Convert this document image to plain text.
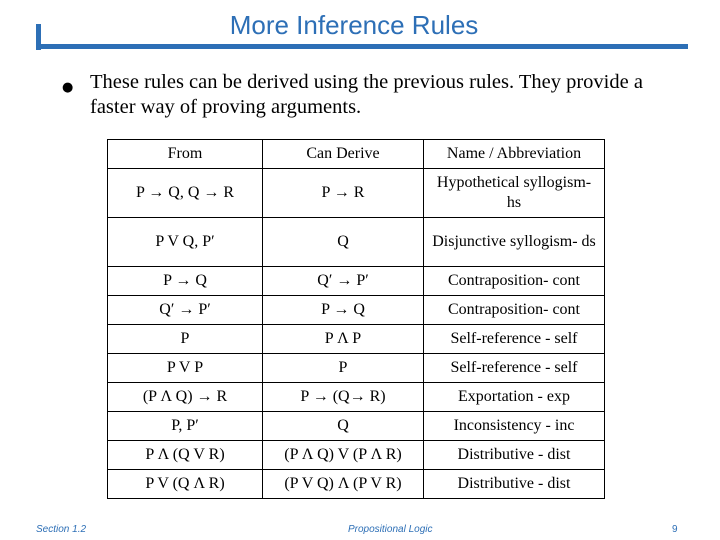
More Inference Rules
● These rules can be derived using the previous rules. They provide a faster way of proving arguments.
From	Can Derive	Name / Abbreviation
P → Q, Q → R	P → R	Hypothetical syllogism- hs
P V Q, P′	Q	Disjunctive syllogism- ds
P → Q	Q′ → P′	Contraposition- cont
Q′ → P′	P → Q	Contraposition- cont
P	P Λ P	Self-reference - self
P V P	P	Self-reference - self
(P Λ Q) → R	P → (Q→ R)	Exportation - exp
P, P′	Q	Inconsistency - inc
P Λ (Q V R)	(P Λ Q) V (P Λ R)	Distributive - dist
P V (Q Λ R)	(P V Q) Λ (P V R)	Distributive - dist
Section 1.2	Propositional Logic	9
